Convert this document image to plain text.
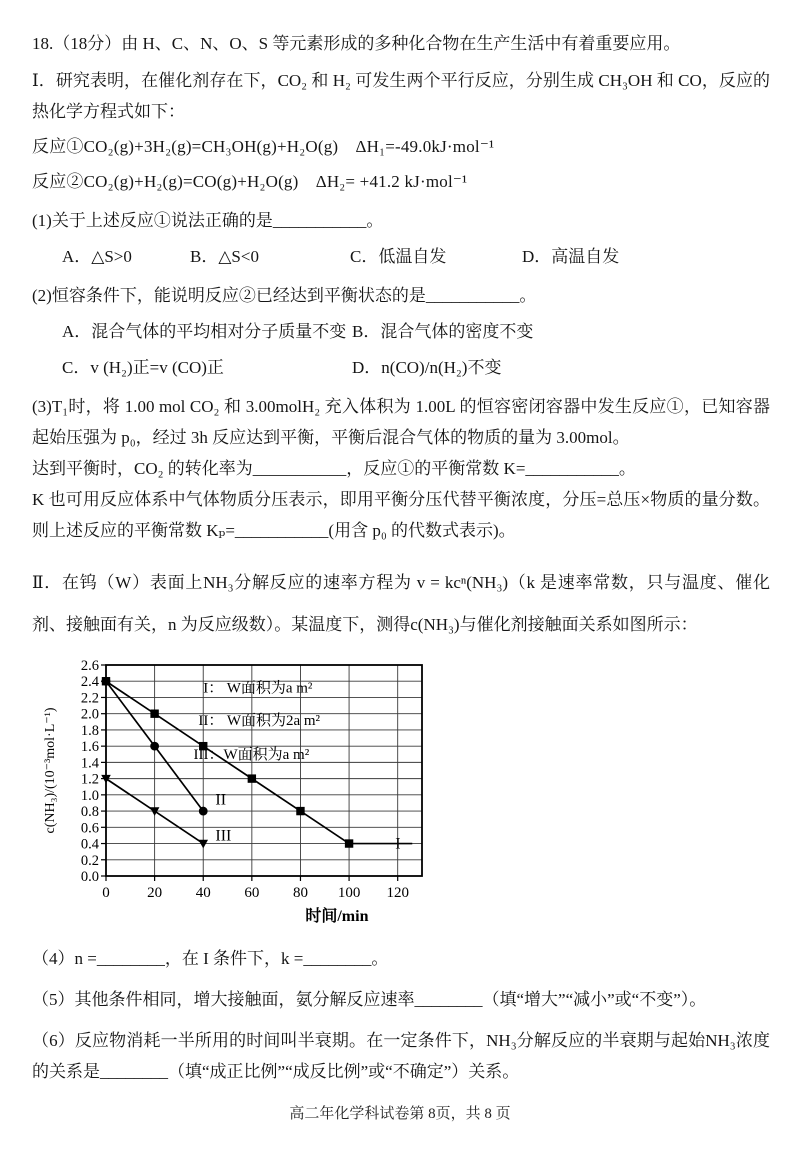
18.（18分）由 H、C、N、O、S 等元素形成的多种化合物在生产生活中有着重要应用。
Ⅰ．研究表明，在催化剂存在下，CO₂ 和 H₂ 可发生两个平行反应，分别生成 CH₃OH 和 CO，反应的热化学方程式如下：
反应①CO₂(g)+3H₂(g)=CH₃OH(g)+H₂O(g)　ΔH₁=-49.0kJ·mol⁻¹
反应②CO₂(g)+H₂(g)=CO(g)+H₂O(g)　ΔH₂= +41.2 kJ·mol⁻¹
(1)关于上述反应①说法正确的是___________。
A．△S>0	B．△S<0	C．低温自发	D．高温自发
(2)恒容条件下，能说明反应②已经达到平衡状态的是___________。
A．混合气体的平均相对分子质量不变 B．混合气体的密度不变
C．v (H₂)正=v (CO)正	D．n(CO)/n(H₂)不变
(3)T₁时，将 1.00 mol CO₂ 和 3.00molH₂ 充入体积为 1.00L 的恒容密闭容器中发生反应①，已知容器起始压强为 p₀，经过 3h 反应达到平衡，平衡后混合气体的物质的量为 3.00mol。
达到平衡时，CO₂ 的转化率为___________，反应①的平衡常数 K=___________。
K 也可用反应体系中气体物质分压表示，即用平衡分压代替平衡浓度，分压=总压×物质的量分数。则上述反应的平衡常数 Kₚ=___________(用含 p₀ 的代数式表示)。
Ⅱ．在钨（W）表面上NH₃分解反应的速率方程为 v = kcⁿ(NH₃)（k 是速率常数，只与温度、催化剂、接触面有关，n 为反应级数）。某温度下，测得c(NH₃)与催化剂接触面关系如图所示：
0.0
0.2
0.4
0.6
0.8
1.0
1.2
1.4
1.6
1.8
2.0
2.2
2.4
2.6
0 20 40 60 80 100 120
I
II
III
I： W面积为a m²
II： W面积为2a m²
III：W面积为a m²
时间/min
c(NH₃)/(10⁻³mol·L⁻¹)
（4）n =________，在 I 条件下，k =________。
（5）其他条件相同，增大接触面，氨分解反应速率________（填“增大”“减小”或“不变”）。
（6）反应物消耗一半所用的时间叫半衰期。在一定条件下，NH₃分解反应的半衰期与起始NH₃浓度的关系是________（填“成正比例”“成反比例”或“不确定”）关系。
高二年化学科试卷第 8页，共 8 页
